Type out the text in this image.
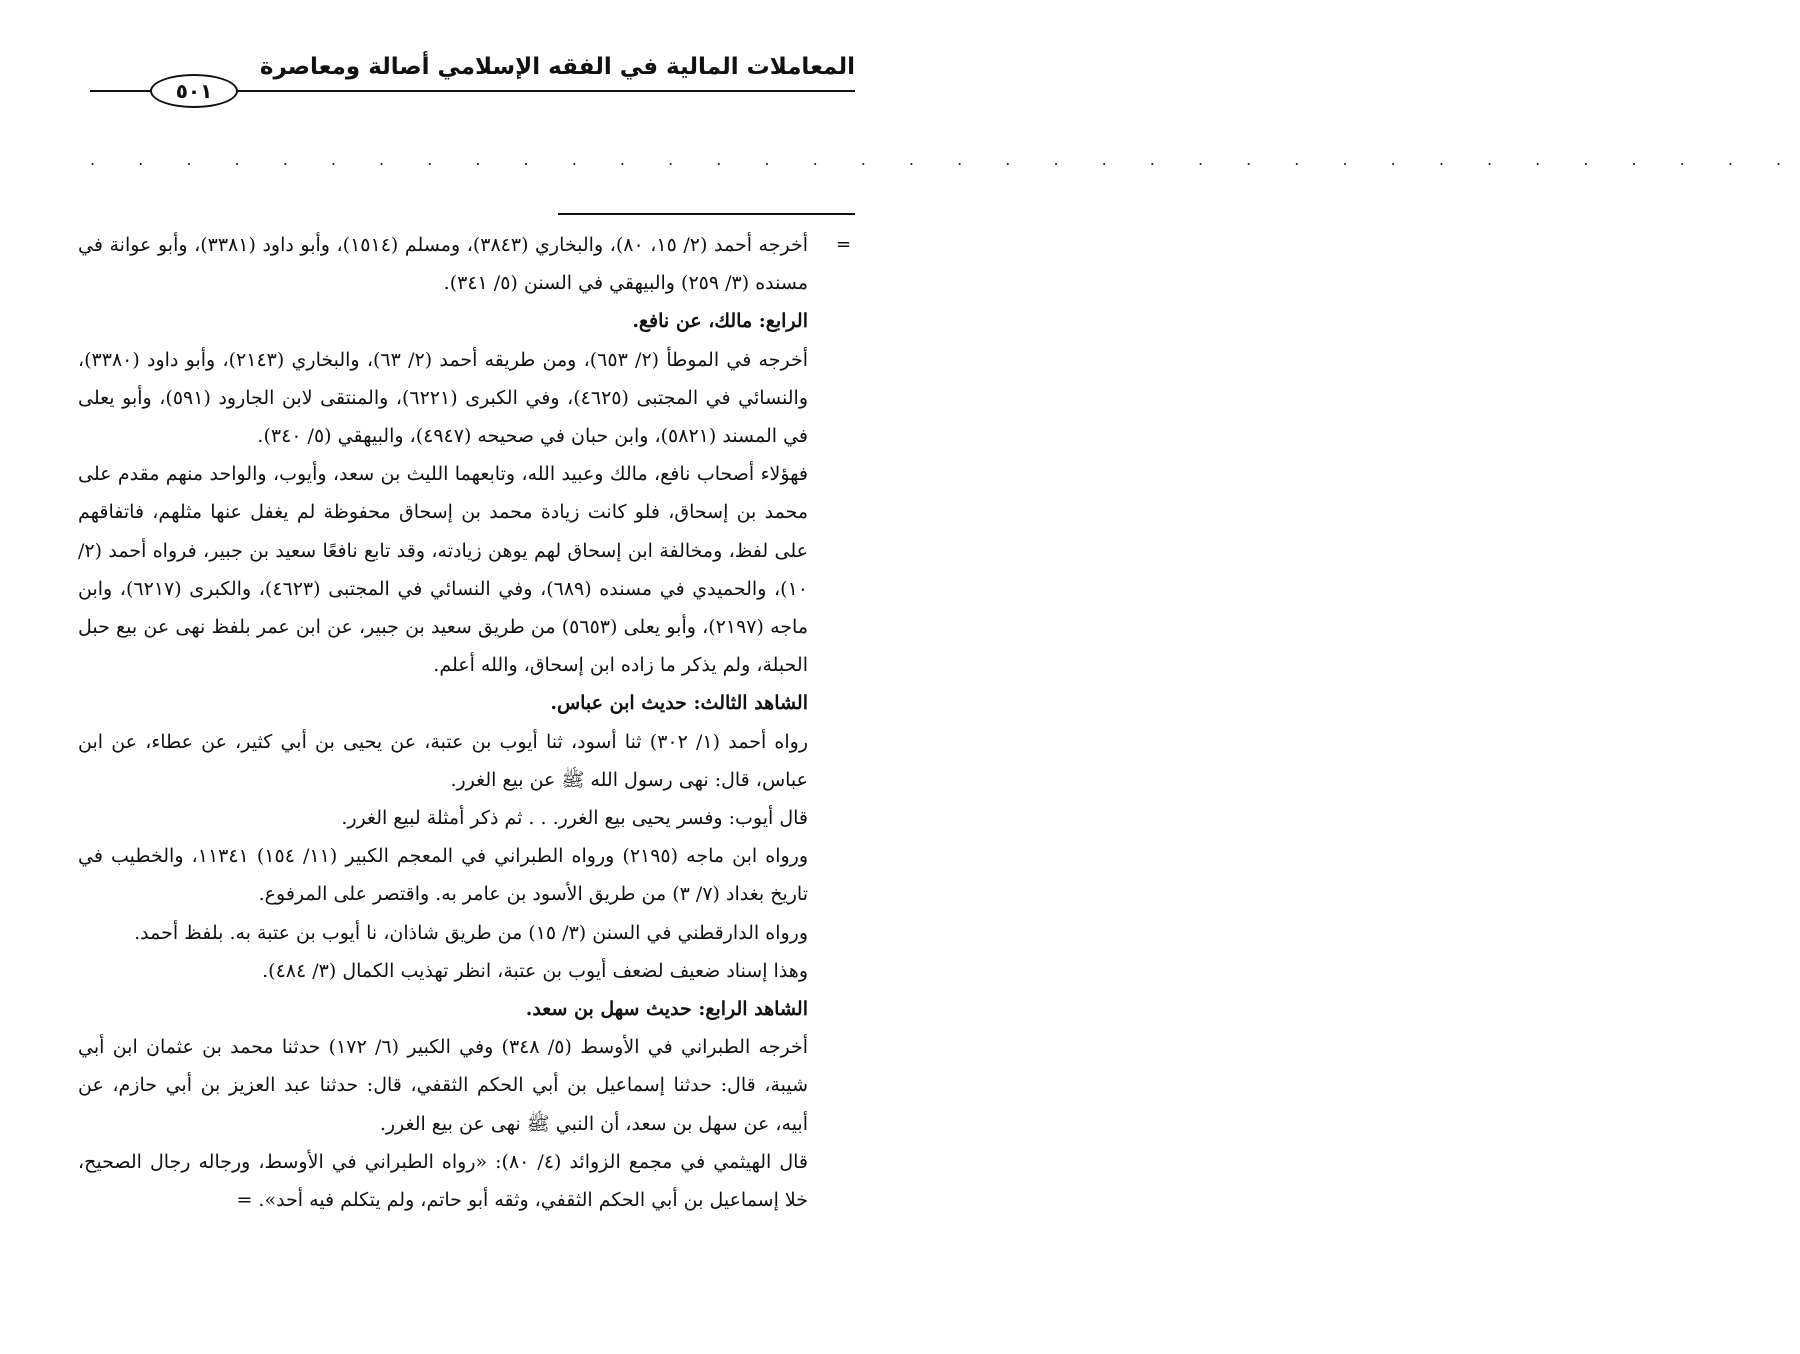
المعاملات المالية في الفقه الإسلامي أصالة ومعاصرة
٥٠١
. . . . . . . . . . . . . . . . . . . . . . . . . . . . . . . . . . . .
=

أخرجه أحمد (٢/ ١٥، ٨٠)، والبخاري (٣٨٤٣)، ومسلم (١٥١٤)، وأبو داود (٣٣٨١)، وأبو عوانة في مسنده (٣/ ٢٥٩) والبيهقي في السنن (٥/ ٣٤١).

الرابع: مالك، عن نافع.

أخرجه في الموطأ (٢/ ٦٥٣)، ومن طريقه أحمد (٢/ ٦٣)، والبخاري (٢١٤٣)، وأبو داود (٣٣٨٠)، والنسائي في المجتبى (٤٦٢٥)، وفي الكبرى (٦٢٢١)، والمنتقى لابن الجارود (٥٩١)، وأبو يعلى في المسند (٥٨٢١)، وابن حبان في صحيحه (٤٩٤٧)، والبيهقي (٥/ ٣٤٠).

فهؤلاء أصحاب نافع، مالك وعبيد الله، وتابعهما الليث بن سعد، وأيوب، والواحد منهم مقدم على محمد بن إسحاق، فلو كانت زيادة محمد بن إسحاق محفوظة لم يغفل عنها مثلهم، فاتفاقهم على لفظ، ومخالفة ابن إسحاق لهم يوهن زيادته، وقد تابع نافعًا سعيد بن جبير، فرواه أحمد (٢/ ١٠)، والحميدي في مسنده (٦٨٩)، وفي النسائي في المجتبى (٤٦٢٣)، والكبرى (٦٢١٧)، وابن ماجه (٢١٩٧)، وأبو يعلى (٥٦٥٣) من طريق سعيد بن جبير، عن ابن عمر بلفظ نهى عن بيع حبل الحبلة، ولم يذكر ما زاده ابن إسحاق، والله أعلم.

الشاهد الثالث: حديث ابن عباس.

رواه أحمد (١/ ٣٠٢) ثنا أسود، ثنا أيوب بن عتبة، عن يحيى بن أبي كثير، عن عطاء، عن ابن عباس، قال: نهى رسول الله ﷺ عن بيع الغرر.

قال أيوب: وفسر يحيى بيع الغرر. . . ثم ذكر أمثلة لبيع الغرر.

ورواه ابن ماجه (٢١٩٥) ورواه الطبراني في المعجم الكبير (١١/ ١٥٤) ١١٣٤١، والخطيب في تاريخ بغداد (٧/ ٣) من طريق الأسود بن عامر به. واقتصر على المرفوع.

ورواه الدارقطني في السنن (٣/ ١٥) من طريق شاذان، نا أيوب بن عتبة به. بلفظ أحمد.

وهذا إسناد ضعيف لضعف أيوب بن عتبة، انظر تهذيب الكمال (٣/ ٤٨٤).

الشاهد الرابع: حديث سهل بن سعد.

أخرجه الطبراني في الأوسط (٥/ ٣٤٨) وفي الكبير (٦/ ١٧٢) حدثنا محمد بن عثمان ابن أبي شيبة، قال: حدثنا إسماعيل بن أبي الحكم الثقفي، قال: حدثنا عبد العزيز بن أبي حازم، عن أبيه، عن سهل بن سعد، أن النبي ﷺ نهى عن بيع الغرر.

قال الهيثمي في مجمع الزوائد (٤/ ٨٠): «رواه الطبراني في الأوسط، ورجاله رجال الصحيح، خلا إسماعيل بن أبي الحكم الثقفي، وثقه أبو حاتم، ولم يتكلم فيه أحد». =
